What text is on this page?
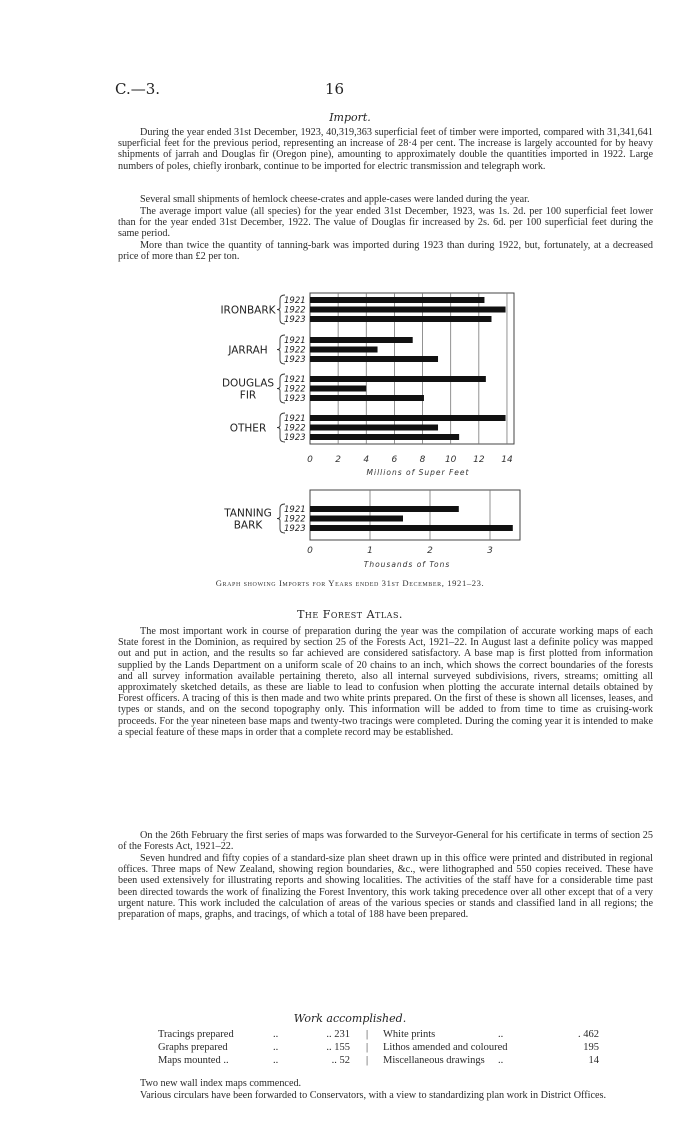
C.—3.	16
Import.

During the year ended 31st December, 1923, 40,319,363 superficial feet of timber were imported, compared with 31,341,641 superficial feet for the previous period, representing an increase of 28·4 per cent. The increase is largely accounted for by heavy shipments of jarrah and Douglas fir (Oregon pine), amounting to approximately double the quantities imported in 1922. Large numbers of poles, chiefly ironbark, continue to be imported for electric transmission and telegraph work.

Several small shipments of hemlock cheese-crates and apple-cases were landed during the year.

The average import value (all species) for the year ended 31st December, 1923, was 1s. 2d. per 100 superficial feet lower than for the year ended 31st December, 1922. The value of Douglas fir increased by 2s. 6d. per 100 superficial feet during the same period.

More than twice the quantity of tanning-bark was imported during 1923 than during 1922, but, fortunately, at a decreased price of more than £2 per ton.

0 2 4 6 8 10 12 14
Millions of Super Feet
IRONBARK
1921
1922
1923
JARRAH
1921
1922
1923
DOUGLAS
FIR
1921
1922
1923
OTHER
1921
1922
1923
0	1	2	3
Thousands of Tons
TANNING
BARK
1921
1922
1923
Graph showing Imports for Years ended 31st December, 1921–23.
The Forest Atlas.

The most important work in course of preparation during the year was the compilation of accurate working maps of each State forest in the Dominion, as required by section 25 of the Forests Act, 1921–22. In August last a definite policy was mapped out and put in action, and the results so far achieved are considered satisfactory. A base map is first plotted from information supplied by the Lands Department on a uniform scale of 20 chains to an inch, which shows the correct boundaries of the forests and all survey information available pertaining thereto, also all internal surveyed subdivisions, rivers, streams; omitting all approximately sketched details, as these are liable to lead to confusion when plotting the accurate internal details obtained by Forest officers. A tracing of this is then made and two white prints prepared. On the first of these is shown all licenses, leases, and types or stands, and on the second topography only. This information will be added to from time to time as cruising-work proceeds. For the year nineteen base maps and twenty-two tracings were completed. During the coming year it is intended to make a special feature of these maps in order that a complete record may be established.

On the 26th February the first series of maps was forwarded to the Surveyor-General for his certificate in terms of section 25 of the Forests Act, 1921–22.

Seven hundred and fifty copies of a standard-size plan sheet drawn up in this office were printed and distributed in regional offices. Three maps of New Zealand, showing region boundaries, &c., were lithographed and 550 copies received. These have been used extensively for illustrating reports and showing localities. The activities of the staff have for a considerable time past been directed towards the work of finalizing the Forest Inventory, this work taking precedence over all other except that of a very urgent nature. This work included the calculation of areas of the various species or stands and classified land in all regions; the preparation of maps, graphs, and tracings, of which a total of 188 have been prepared.

Work accomplished.
Tracings prepared	..	.. 231 | White prints	..	. 462
Graphs prepared	..	.. 155 | Lithos amended and coloured	195
Maps mounted ..	..	.. 52 | Miscellaneous drawings ..	14

Two new wall index maps commenced.

Various circulars have been forwarded to Conservators, with a view to standardizing plan work in District Offices.
